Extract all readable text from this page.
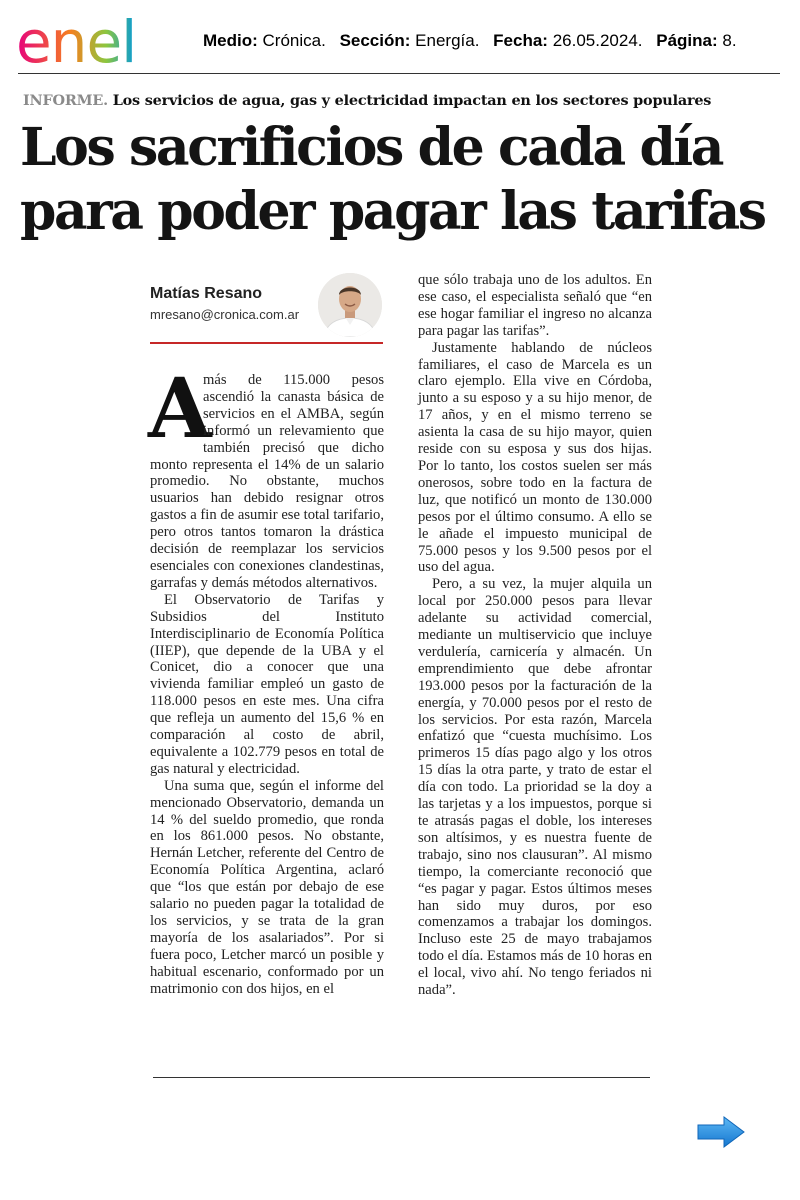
enel	Medio: Crónica. Sección: Energía. Fecha: 26.05.2024. Página: 8.
INFORME. Los servicios de agua, gas y electricidad impactan en los sectores populares
Los sacrificios de cada día
para poder pagar las tarifas
Matías Resano
mresano@cronica.com.ar

A
más de 115.000 pesos ascendió la canasta básica de servicios en el AMBA, según informó un relevamiento que también precisó que dicho monto representa el 14% de un salario promedio. No obstante, muchos usuarios han debido resignar otros gastos a fin de asumir ese total tarifario, pero otros tantos tomaron la drástica decisión de reemplazar los servicios esenciales con conexiones clandestinas, garrafas y demás métodos alternativos.

El Observatorio de Tarifas y Subsidios del Instituto Interdisciplinario de Economía Política (IIEP), que depende de la UBA y el Conicet, dio a conocer que una vivienda familiar empleó un gasto de 118.000 pesos en este mes. Una cifra que refleja un aumento del 15,6 % en comparación al costo de abril, equivalente a 102.779 pesos en total de gas natural y electricidad.

Una suma que, según el informe del mencionado Observatorio, demanda un 14 % del sueldo promedio, que ronda en los 861.000 pesos. No obstante, Hernán Letcher, referente del Centro de Economía Política Argentina, aclaró que “los que están por debajo de ese salario no pueden pagar la totalidad de los servicios, y se trata de la gran mayoría de los asalariados”. Por si fuera poco, Letcher marcó un posible y habitual escenario, conformado por un matrimonio con dos hijos, en el

que sólo trabaja uno de los adultos. En ese caso, el especialista señaló que “en ese hogar familiar el ingreso no alcanza para pagar las tarifas”.

Justamente hablando de núcleos familiares, el caso de Marcela es un claro ejemplo. Ella vive en Córdoba, junto a su esposo y a su hijo menor, de 17 años, y en el mismo terreno se asienta la casa de su hijo mayor, quien reside con su esposa y sus dos hijas. Por lo tanto, los costos suelen ser más onerosos, sobre todo en la factura de luz, que notificó un monto de 130.000 pesos por el último consumo. A ello se le añade el impuesto municipal de 75.000 pesos y los 9.500 pesos por el uso del agua.

Pero, a su vez, la mujer alquila un local por 250.000 pesos para llevar adelante su actividad comercial, mediante un multiservicio que incluye verdulería, carnicería y almacén. Un emprendimiento que debe afrontar 193.000 pesos por la facturación de la energía, y 70.000 pesos por el resto de los servicios. Por esta razón, Marcela enfatizó que “cuesta muchísimo. Los primeros 15 días pago algo y los otros 15 días la otra parte, y trato de estar el día con todo. La prioridad se la doy a las tarjetas y a los impuestos, porque si te atrasás pagas el doble, los intereses son altísimos, y es nuestra fuente de trabajo, sino nos clausuran”. Al mismo tiempo, la comerciante reconoció que “es pagar y pagar. Estos últimos meses han sido muy duros, por eso comenzamos a trabajar los domingos. Incluso este 25 de mayo trabajamos todo el día. Estamos más de 10 horas en el local, vivo ahí. No tengo feriados ni nada”.
